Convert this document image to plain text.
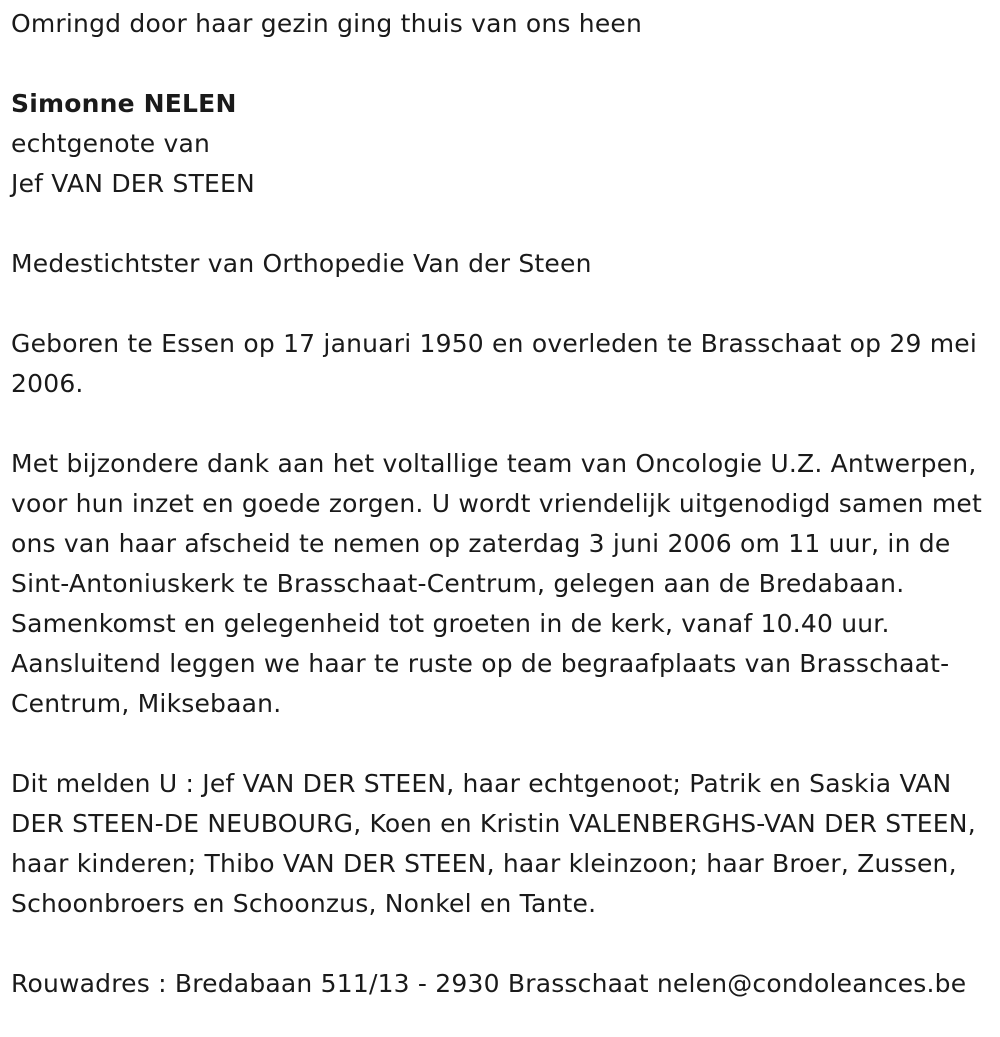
Omringd door haar gezin ging thuis van ons heen

Simonne NELEN

echtgenote van

Jef VAN DER STEEN

Medestichtster van Orthopedie Van der Steen

Geboren te Essen op 17 januari 1950 en overleden te Brasschaat op 29 mei 2006.

Met bijzondere dank aan het voltallige team van Oncologie U.Z. Antwerpen, voor hun inzet en goede zorgen. U wordt vriendelijk uitgenodigd samen met ons van haar afscheid te nemen op zaterdag 3 juni 2006 om 11 uur, in de Sint-Antoniuskerk te Brasschaat-Centrum, gelegen aan de Bredabaan. Samenkomst en gelegenheid tot groeten in de kerk, vanaf 10.40 uur. Aansluitend leggen we haar te ruste op de begraafplaats van Brasschaat-Centrum, Miksebaan.

Dit melden U : Jef VAN DER STEEN, haar echtgenoot; Patrik en Saskia VAN DER STEEN-DE NEUBOURG, Koen en Kristin VALENBERGHS-VAN DER STEEN, haar kinderen; Thibo VAN DER STEEN, haar kleinzoon; haar Broer, Zussen, Schoonbroers en Schoonzus, Nonkel en Tante.

Rouwadres : Bredabaan 511/13 - 2930 Brasschaat nelen@condoleances.be
